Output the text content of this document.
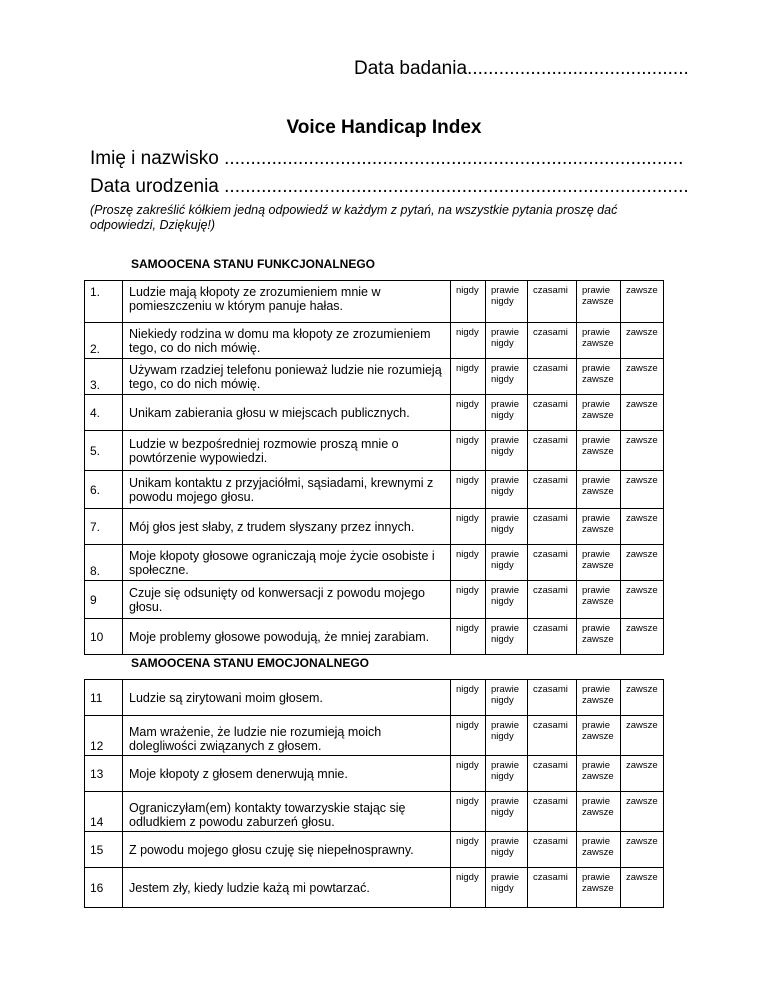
Data badania..........................................
Voice Handicap Index
Imię i nazwisko .......................................................................................
Data urodzenia ........................................................................................
(Proszę zakreślić kółkiem jedną odpowiedź w każdym z pytań, na wszystkie pytania proszę dać odpowiedzi, Dziękuję!)
SAMOOCENA STANU FUNKCJONALNEGO
1.	Ludzie mają kłopoty ze zrozumieniem mnie w pomieszczeniu w którym panuje hałas.	nigdy	prawie nigdy	czasami	prawie zawsze	zawsze
2.	Niekiedy rodzina w domu ma kłopoty ze zrozumieniem tego, co do nich mówię.	nigdy	prawie nigdy	czasami	prawie zawsze	zawsze
3.	Używam rzadziej telefonu ponieważ ludzie nie rozumieją tego, co do nich mówię.	nigdy	prawie nigdy	czasami	prawie zawsze	zawsze
4.	Unikam zabierania głosu w miejscach publicznych.	nigdy	prawie nigdy	czasami	prawie zawsze	zawsze
5.	Ludzie w bezpośredniej rozmowie proszą mnie o powtórzenie wypowiedzi.	nigdy	prawie nigdy	czasami	prawie zawsze	zawsze
6.	Unikam kontaktu z przyjaciółmi, sąsiadami, krewnymi z powodu mojego głosu.	nigdy	prawie nigdy	czasami	prawie zawsze	zawsze
7.	Mój głos jest słaby, z trudem słyszany przez innych.	nigdy	prawie nigdy	czasami	prawie zawsze	zawsze
8.	Moje kłopoty głosowe ograniczają moje życie osobiste i społeczne.	nigdy	prawie nigdy	czasami	prawie zawsze	zawsze
9	Czuje się odsunięty od konwersacji z powodu mojego głosu.	nigdy	prawie nigdy	czasami	prawie zawsze	zawsze
10	Moje problemy głosowe powodują, że mniej zarabiam.	nigdy	prawie nigdy	czasami	prawie zawsze	zawsze
SAMOOCENA STANU EMOCJONALNEGO
11	Ludzie są zirytowani moim głosem.	nigdy	prawie nigdy	czasami	prawie zawsze	zawsze
12	Mam wrażenie, że ludzie nie rozumieją moich dolegliwości związanych z głosem.	nigdy	prawie nigdy	czasami	prawie zawsze	zawsze
13	Moje kłopoty z głosem denerwują mnie.	nigdy	prawie nigdy	czasami	prawie zawsze	zawsze
14	Ograniczyłam(em) kontakty towarzyskie stając się odludkiem z powodu zaburzeń głosu.	nigdy	prawie nigdy	czasami	prawie zawsze	zawsze
15	Z powodu mojego głosu czuję się niepełnosprawny.	nigdy	prawie nigdy	czasami	prawie zawsze	zawsze
16	Jestem zły, kiedy ludzie każą mi powtarzać.	nigdy	prawie nigdy	czasami	prawie zawsze	zawsze
